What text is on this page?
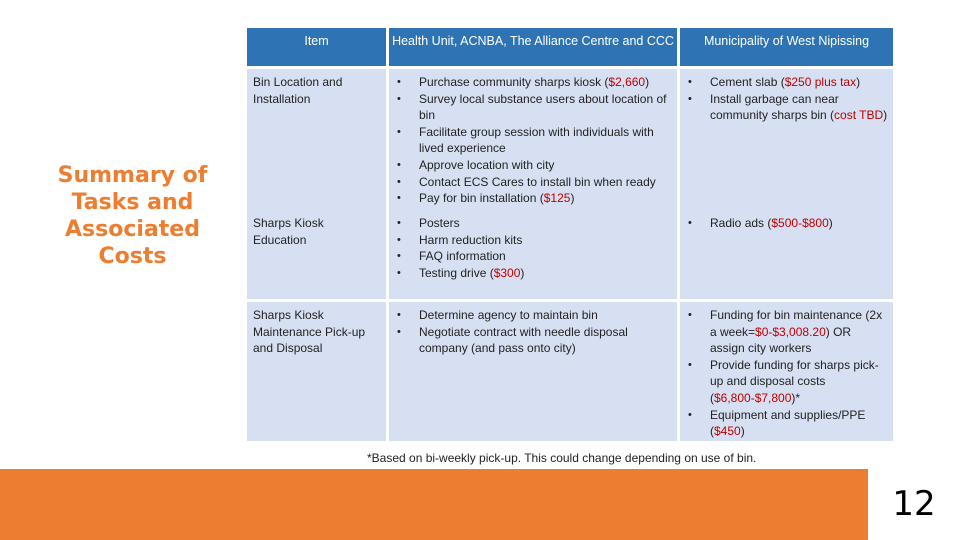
Summary of Tasks and Associated Costs
Item	Health Unit, ACNBA, The Alliance Centre and CCC	Municipality of West Nipissing
Bin Location and Installation
• Purchase community sharps kiosk ($2,660)
• Survey local substance users about location of bin
• Facilitate group session with individuals with lived experience
• Approve location with city
• Contact ECS Cares to install bin when ready
• Pay for bin installation ($125)
• Cement slab ($250 plus tax)
• Install garbage can near community sharps bin (cost TBD)
Sharps Kiosk Education
• Posters
• Harm reduction kits
• FAQ information
• Testing drive ($300)
• Radio ads ($500-$800)
Sharps Kiosk Maintenance Pick-up and Disposal
• Determine agency to maintain bin
• Negotiate contract with needle disposal company (and pass onto city)
• Funding for bin maintenance (2x a week=$0-$3,008.20) OR assign city workers
• Provide funding for sharps pick-up and disposal costs ($6,800-$7,800)*
• Equipment and supplies/PPE ($450)
*Based on bi-weekly pick-up. This could change depending on use of bin.
12
